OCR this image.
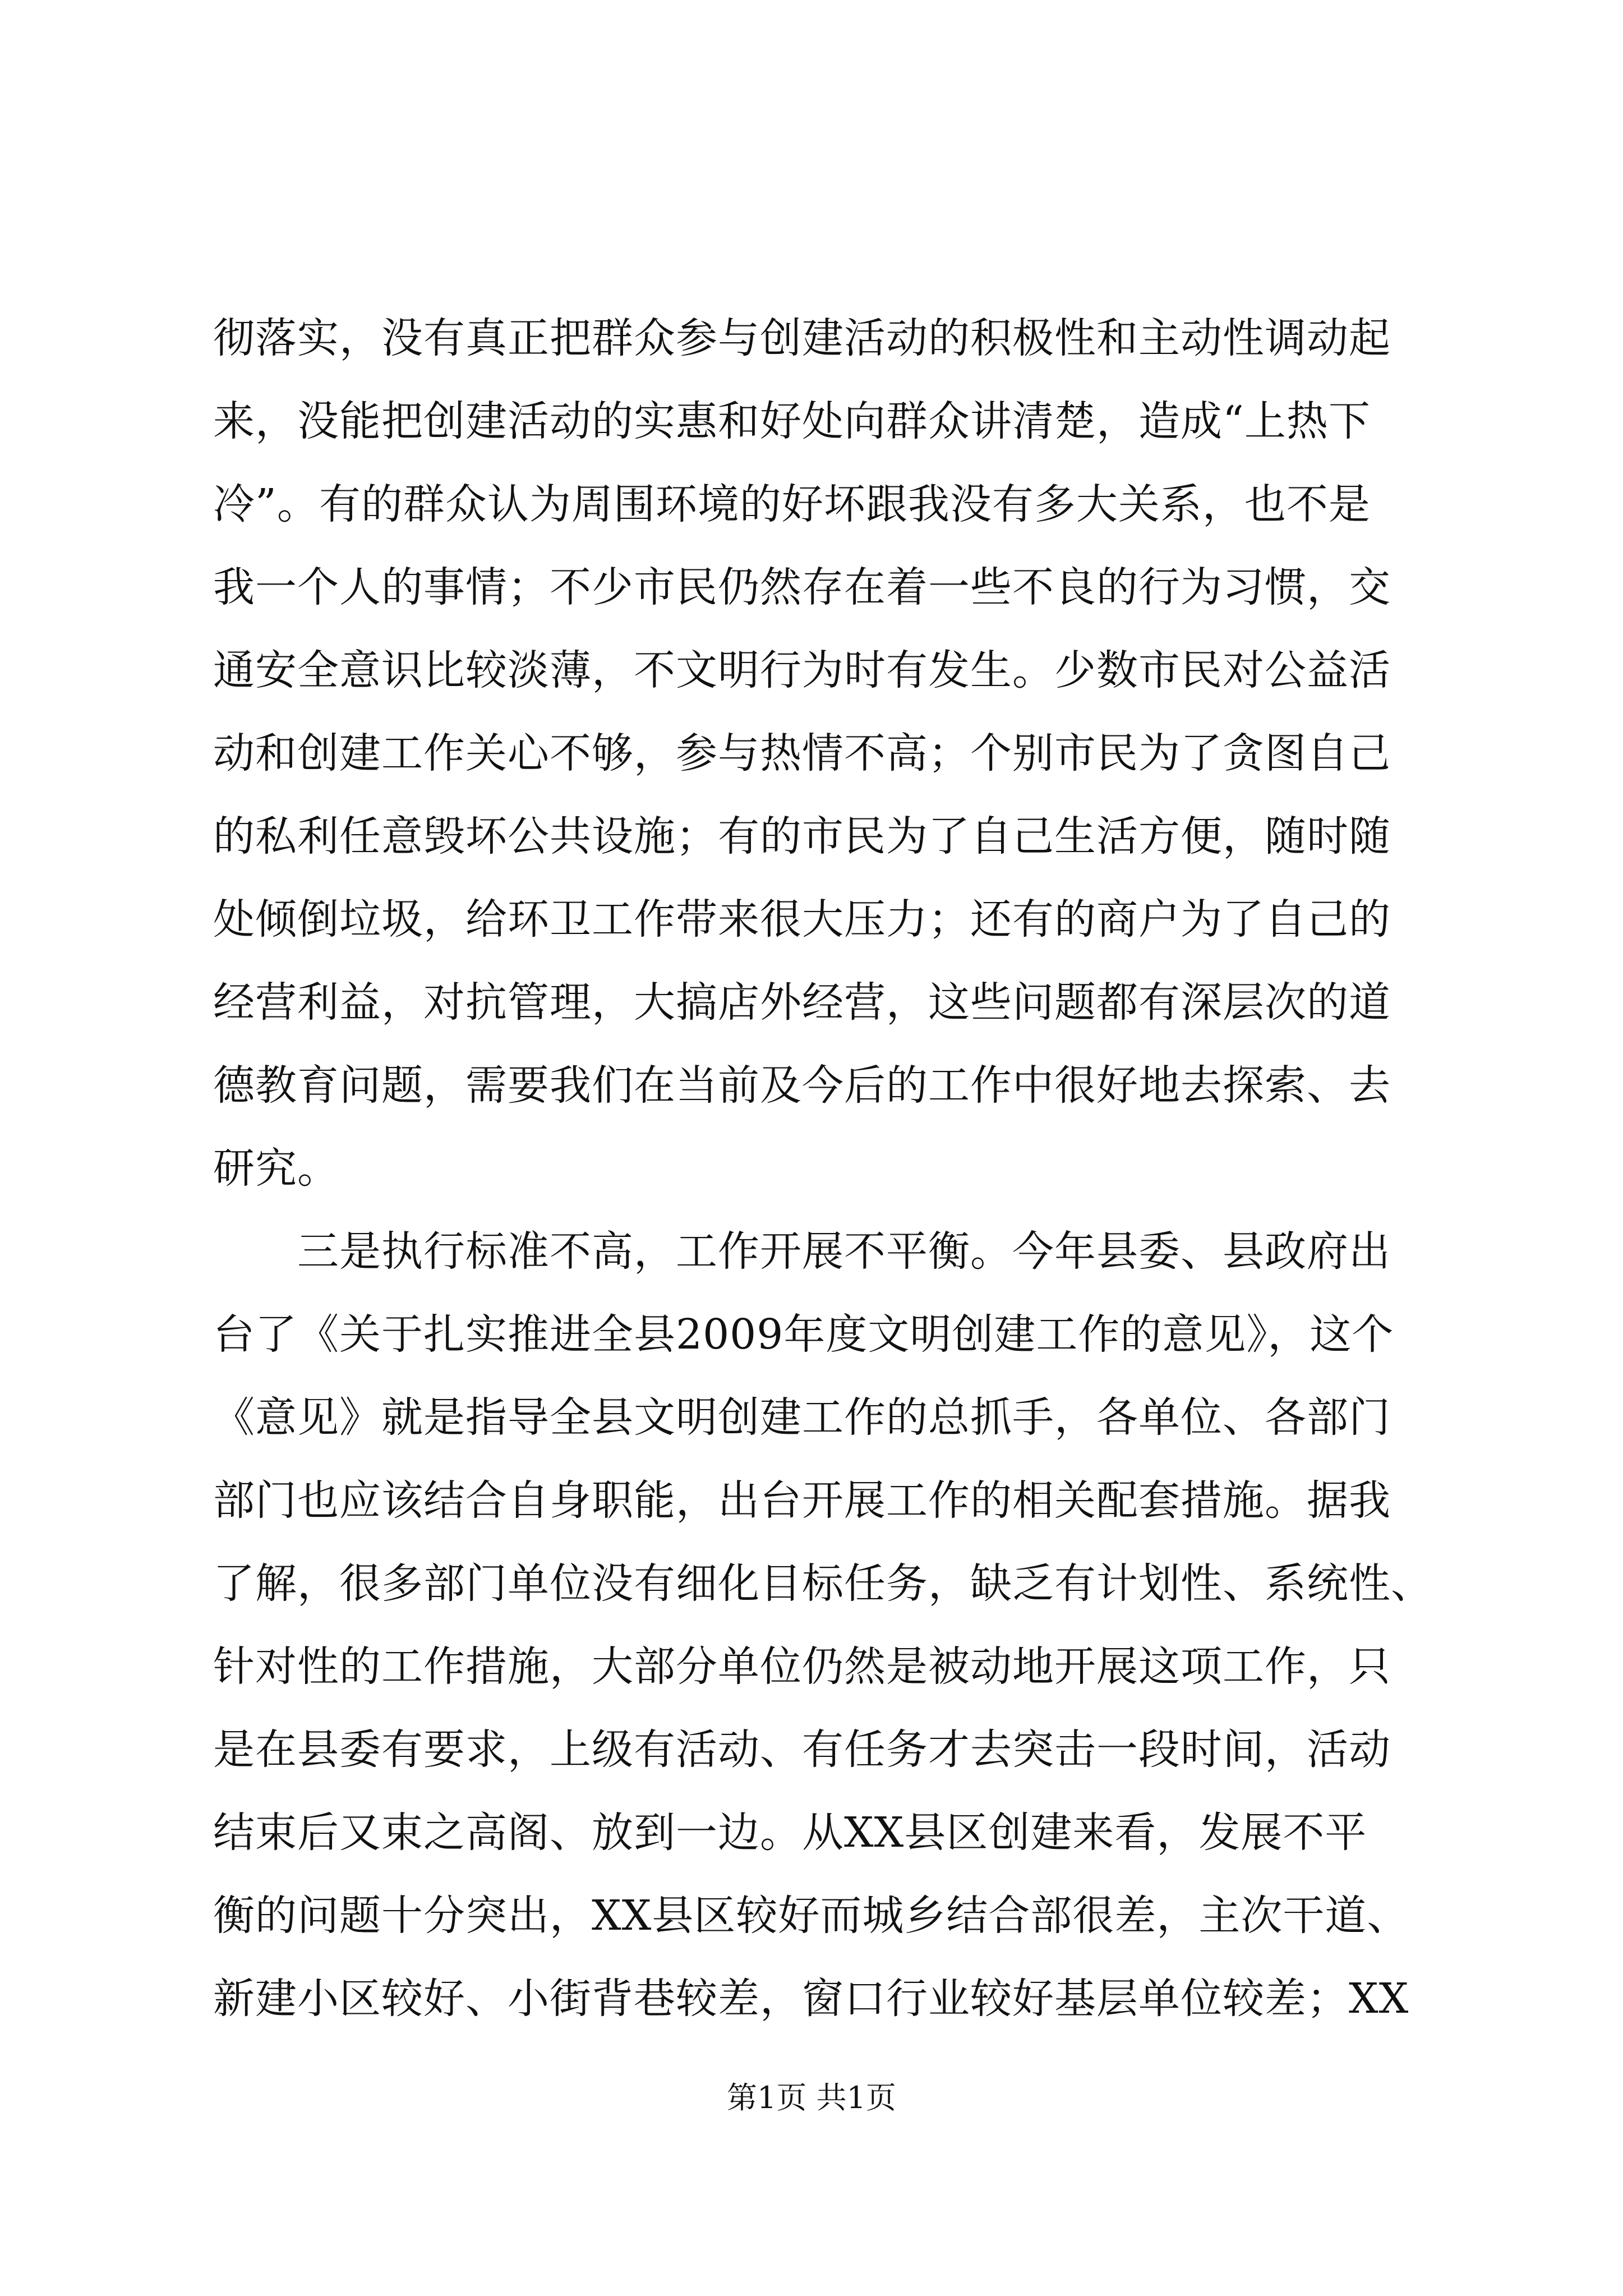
彻落实，没有真正把群众参与创建活动的积极性和主动性调动起
来，没能把创建活动的实惠和好处向群众讲清楚，造成“上热下
冷”。有的群众认为周围环境的好坏跟我没有多大关系，也不是
我一个人的事情；不少市民仍然存在着一些不良的行为习惯，交
通安全意识比较淡薄，不文明行为时有发生。少数市民对公益活
动和创建工作关心不够，参与热情不高；个别市民为了贪图自己
的私利任意毁坏公共设施；有的市民为了自己生活方便，随时随
处倾倒垃圾，给环卫工作带来很大压力；还有的商户为了自己的
经营利益，对抗管理，大搞店外经营，这些问题都有深层次的道
德教育问题，需要我们在当前及今后的工作中很好地去探索、去
研究。
三是执行标准不高，工作开展不平衡。今年县委、县政府出
台了《关于扎实推进全县2009年度文明创建工作的意见》，这个
《意见》就是指导全县文明创建工作的总抓手，各单位、各部门
部门也应该结合自身职能，出台开展工作的相关配套措施。据我
了解，很多部门单位没有细化目标任务，缺乏有计划性、系统性、
针对性的工作措施，大部分单位仍然是被动地开展这项工作，只
是在县委有要求，上级有活动、有任务才去突击一段时间，活动
结束后又束之高阁、放到一边。从XX县区创建来看，发展不平
衡的问题十分突出，XX县区较好而城乡结合部很差，主次干道、
新建小区较好、小街背巷较差，窗口行业较好基层单位较差；XX
第1页 共1页
